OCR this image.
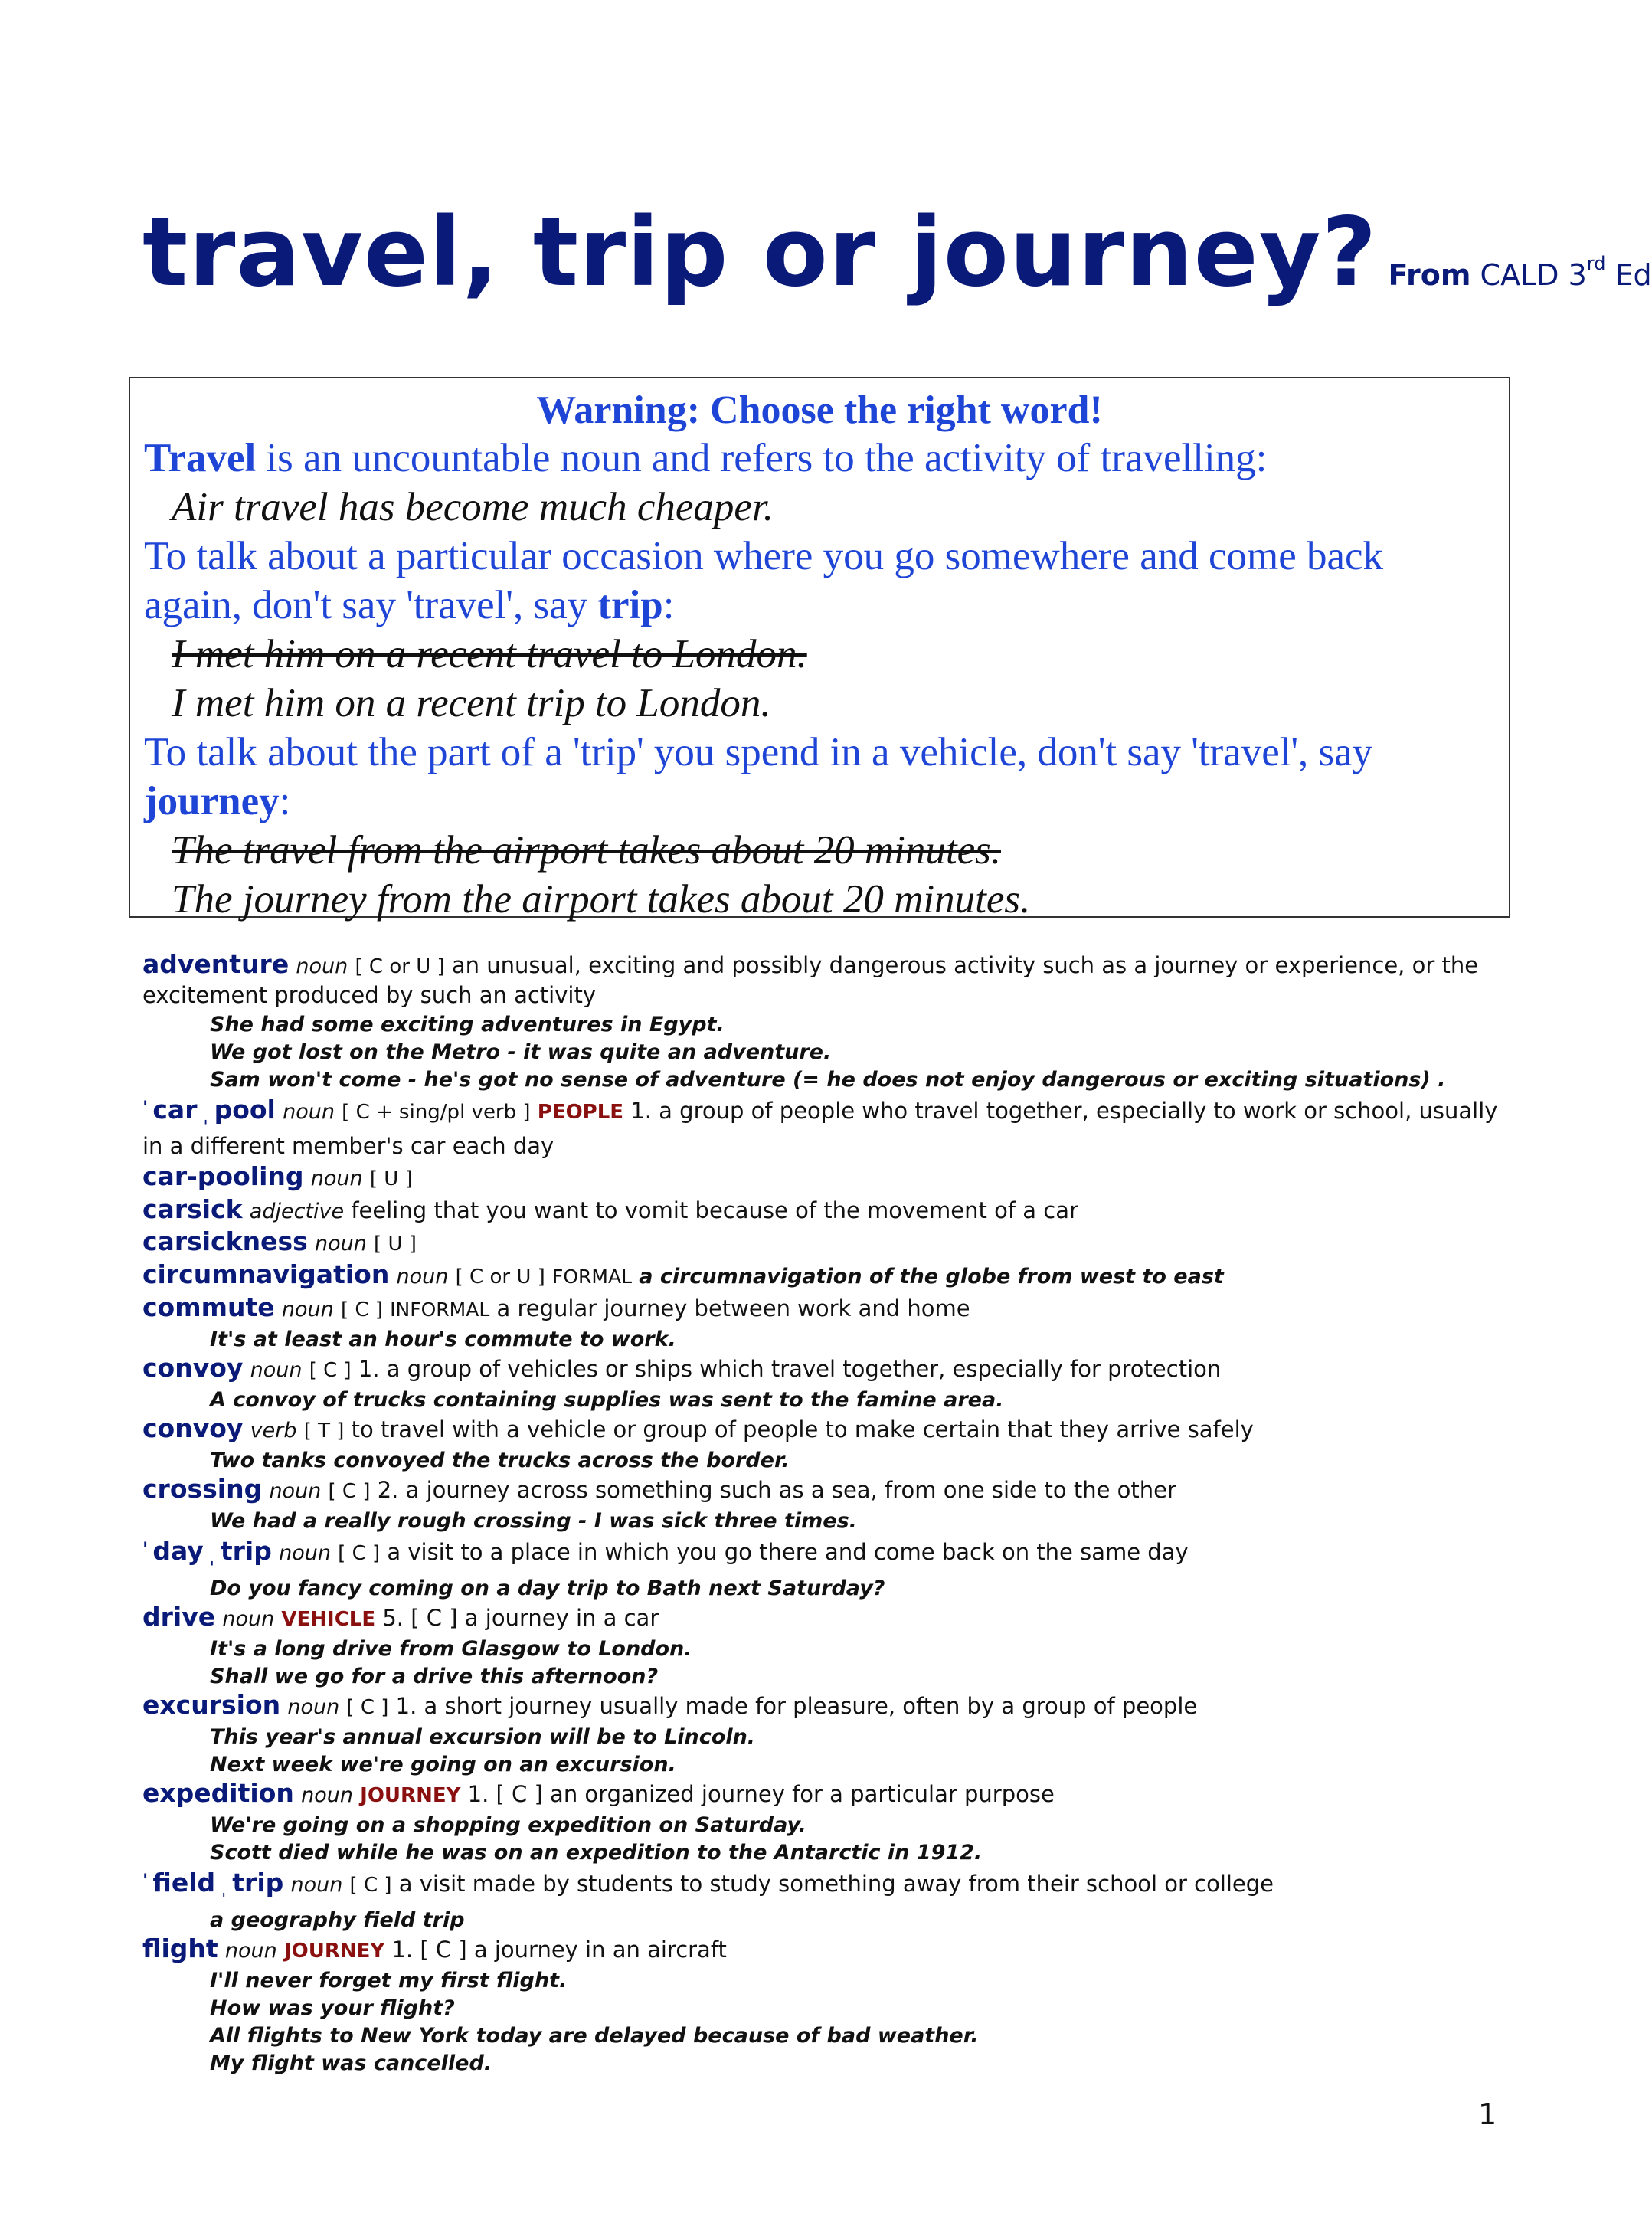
travel, trip or journey? From CALD 3rd Ed
Warning: Choose the right word!
Travel is an uncountable noun and refers to the activity of travelling:
Air travel has become much cheaper.
To talk about a particular occasion where you go somewhere and come back
again, don't say 'travel', say trip:
I met him on a recent travel to London.
I met him on a recent trip to London.
To talk about the part of a 'trip' you spend in a vehicle, don't say 'travel', say
journey:
The travel from the airport takes about 20 minutes.
The journey from the airport takes about 20 minutes.
adventure noun [ C or U ] an unusual, exciting and possibly dangerous activity such as a journey or experience, or the excitement produced by such an activity
She had some exciting adventures in Egypt.
We got lost on the Metro - it was quite an adventure.
Sam won't come - he's got no sense of adventure (= he does not enjoy dangerous or exciting situations) .
' car ˌ pool noun [ C + sing/pl verb ] PEOPLE 1. a group of people who travel together, especially to work or school, usually in a different member's car each day
car-pooling noun [ U ]
carsick adjective feeling that you want to vomit because of the movement of a car
carsickness noun [ U ]
circumnavigation noun [ C or U ] FORMAL a circumnavigation of the globe from west to east
commute noun [ C ] INFORMAL a regular journey between work and home
It's at least an hour's commute to work.
convoy noun [ C ] 1. a group of vehicles or ships which travel together, especially for protection
A convoy of trucks containing supplies was sent to the famine area.
convoy verb [ T ] to travel with a vehicle or group of people to make certain that they arrive safely
Two tanks convoyed the trucks across the border.
crossing noun [ C ] 2. a journey across something such as a sea, from one side to the other
We had a really rough crossing - I was sick three times.
' day ˌ trip noun [ C ] a visit to a place in which you go there and come back on the same day
Do you fancy coming on a day trip to Bath next Saturday?
drive noun VEHICLE 5. [ C ] a journey in a car
It's a long drive from Glasgow to London.
Shall we go for a drive this afternoon?
excursion noun [ C ] 1. a short journey usually made for pleasure, often by a group of people
This year's annual excursion will be to Lincoln.
Next week we're going on an excursion.
expedition noun JOURNEY 1. [ C ] an organized journey for a particular purpose
We're going on a shopping expedition on Saturday.
Scott died while he was on an expedition to the Antarctic in 1912.
' field ˌ trip noun [ C ] a visit made by students to study something away from their school or college
a geography field trip
flight noun JOURNEY 1. [ C ] a journey in an aircraft
I'll never forget my first flight.
How was your flight?
All flights to New York today are delayed because of bad weather.
My flight was cancelled.
1
